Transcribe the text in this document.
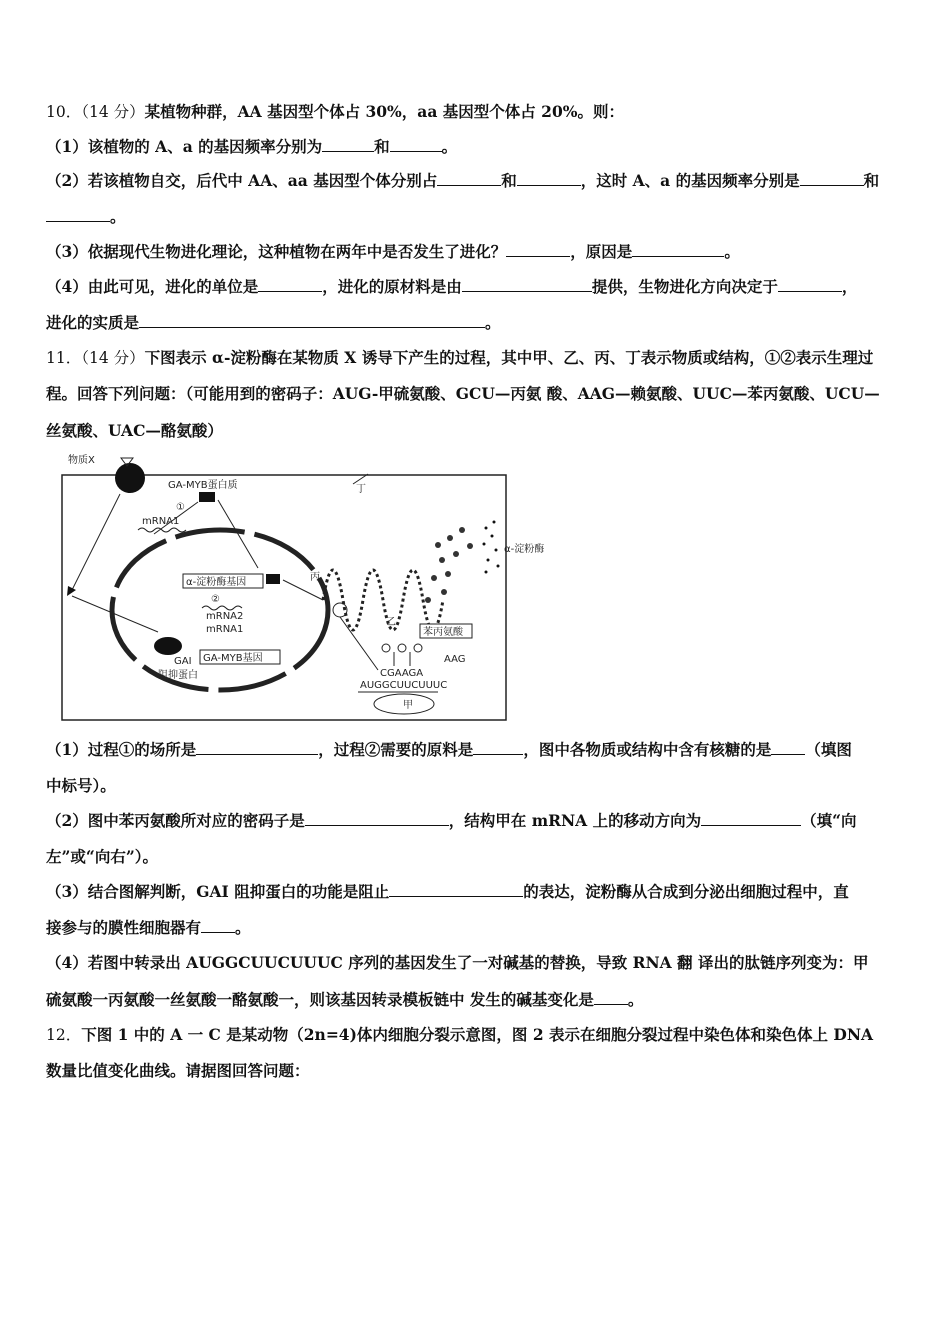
10．（14 分）某植物种群，AA 基因型个体占 30%，aa 基因型个体占 20%。则：
（1）该植物的 A、a 的基因频率分别为	和	。
（2）若该植物自交，后代中 AA、aa 基因型个体分别占	和	，这时 A、a 的基因频率分别是	和
。
（3）依据现代生物进化理论，这种植物在两年中是否发生了进化？	，原因是	。
（4）由此可见，进化的单位是	，进化的原材料是由	提供，生物进化方向决定于	，
进化的实质是	。
11．（14 分）下图表示 α-淀粉酶在某物质 X 诱导下产生的过程，其中甲、乙、丙、丁表示物质或结构，①②表示生理过
程。回答下列问题：（可能用到的密码子：AUG-甲硫氨酸、GCU—丙氨 酸、AAG—赖氨酸、UUC—苯丙氨酸、UCU—
丝氨酸、UAC—酪氨酸）
物质X
GA-MYB蛋白质
①
mRNA1
丁
α-淀粉酶基因
②
mRNA2
mRNA1
GA-MYB基因
GAI
阻抑蛋白
丙
乙
α-淀粉酶
苯丙氨酸
AAG
CGAAGA
AUGGCUUCUUUC
甲
（1）过程①的场所是	，过程②需要的原料是	，图中各物质或结构中含有核糖的是 （填图
中标号）。
（2）图中苯丙氨酸所对应的密码子是	，结构甲在 mRNA 上的移动方向为	（填“向
左”或“向右”）。
（3）结合图解判断，GAI 阻抑蛋白的功能是阻止	的表达，淀粉酶从合成到分泌出细胞过程中，直
接参与的膜性细胞器有 。
（4）若图中转录出 AUGGCUUCUUUC 序列的基因发生了一对碱基的替换，导致 RNA 翻 译出的肽链序列变为：甲
硫氨酸一丙氨酸一丝氨酸一酪氨酸一，则该基因转录模板链中 发生的碱基变化是 。
12．下图 1 中的 A 一 C 是某动物（2n=4)体内细胞分裂示意图，图 2 表示在细胞分裂过程中染色体和染色体上 DNA
数量比值变化曲线。请据图回答问题：
